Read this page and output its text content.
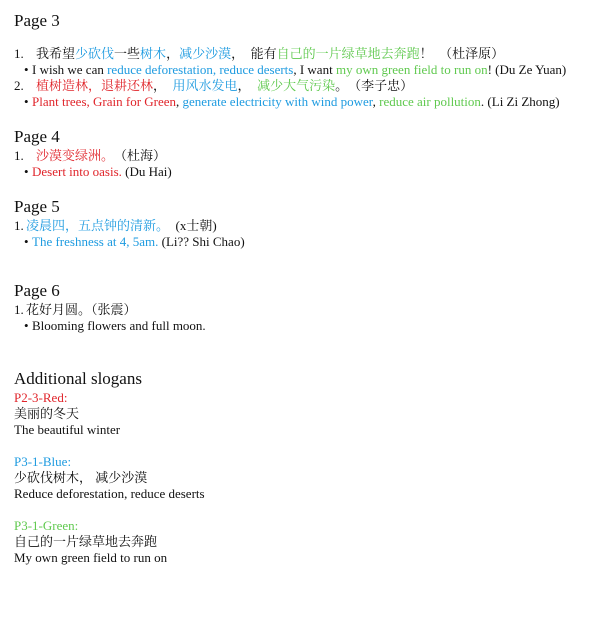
Page 3
1. 我希望少砍伐一些树木，减少沙漠，　能有自己的一片绿草地去奔跑！　（杜泽原）
• I wish we can reduce deforestation, reduce deserts, I want my own green field to run on! (Du Ze Yuan)
2. 植树造林，退耕还林，　用风水发电，　减少大气污染。　（李子忠）
• Plant trees, Grain for Green, generate electricity with wind power, reduce air pollution. (Li Zi Zhong)
Page 4
1. 沙漠变绿洲。　（杜海）
• Desert into oasis. (Du Hai)
Page 5
1. 凌晨四，五点钟的清新。　(x士朝)
• The freshness at 4, 5am. (Li?? Shi Chao)
Page 6
1. 花好月圆。（张震）
• Blooming flowers and full moon.
Additional slogans
P2-3-Red:
美丽的冬天
The beautiful winter
P3-1-Blue:
少砍伐树木， 减少沙漠
Reduce deforestation, reduce deserts
P3-1-Green:
自己的一片绿草地去奔跑
My own green field to run on
